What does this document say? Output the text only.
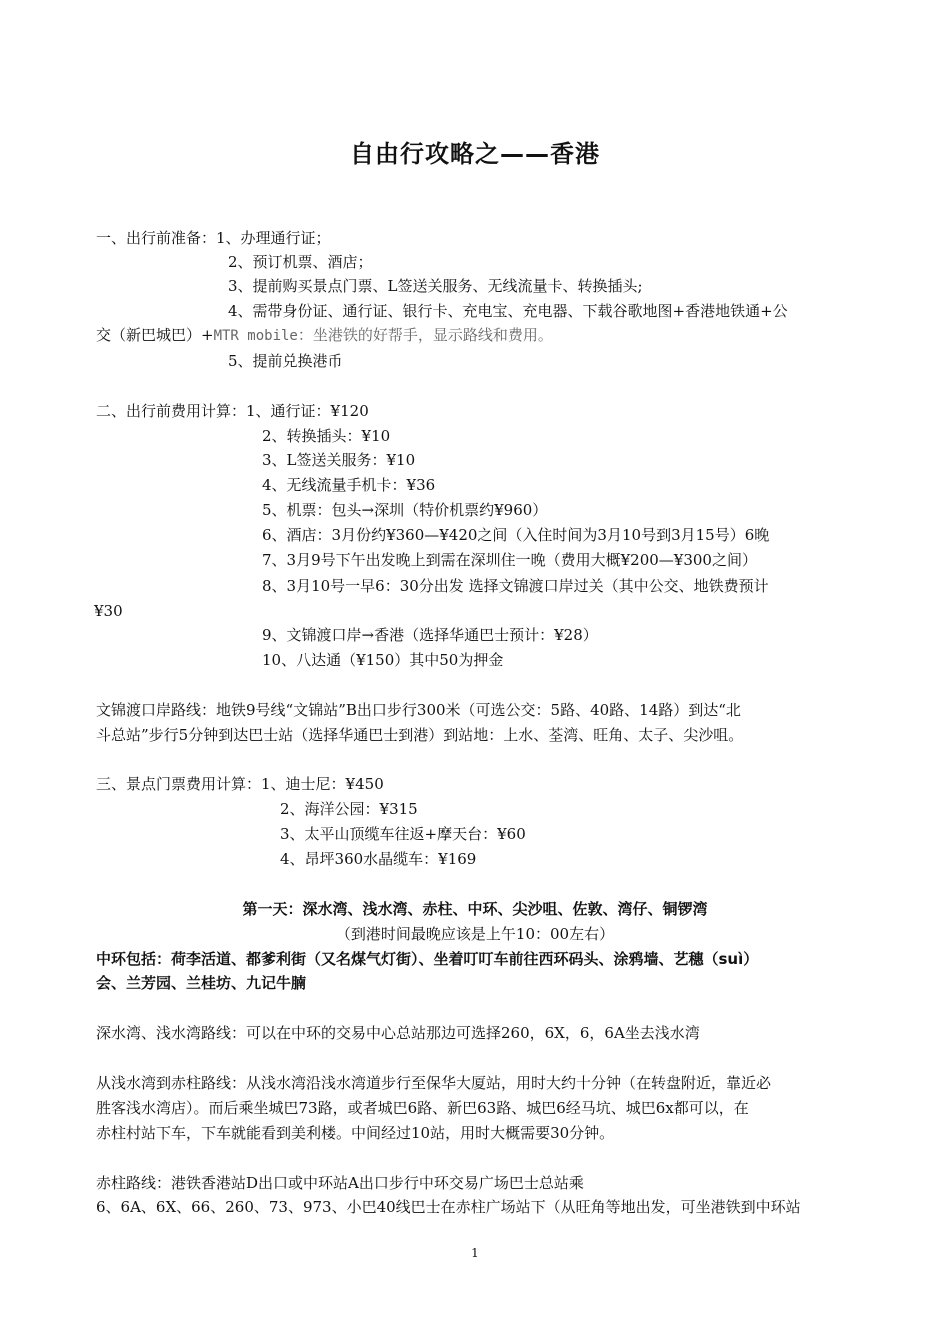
自由行攻略之——香港
一、出行前准备：1、办理通行证；
2、预订机票、酒店；
3、提前购买景点门票、L签送关服务、无线流量卡、转换插头;
4、需带身份证、通行证、银行卡、充电宝、充电器、下载谷歌地图+香港地铁通+公
交（新巴城巴）+MTR mobile：坐港铁的好帮手，显示路线和费用。
5、提前兑换港币
二、出行前费用计算：1、通行证：¥120
2、转换插头：¥10
3、L签送关服务：¥10
4、无线流量手机卡：¥36
5、机票：包头→深圳（特价机票约¥960）
6、酒店：3月份约¥360—¥420之间（入住时间为3月10号到3月15号）6晚
7、3月9号下午出发晚上到需在深圳住一晚（费用大概¥200—¥300之间）
8、3月10号一早6：30分出发 选择文锦渡口岸过关（其中公交、地铁费预计
¥30
9、文锦渡口岸→香港（选择华通巴士预计：¥28）
10、八达通（¥150）其中50为押金
文锦渡口岸路线：地铁9号线“文锦站”B出口步行300米（可选公交：5路、40路、14路）到达“北
斗总站”步行5分钟到达巴士站（选择华通巴士到港）到站地：上水、荃湾、旺角、太子、尖沙咀。
三、景点门票费用计算：1、迪士尼：¥450
2、海洋公园：¥315
3、太平山顶缆车往返+摩天台：¥60
4、昂坪360水晶缆车：¥169
第一天：深水湾、浅水湾、赤柱、中环、尖沙咀、佐敦、湾仔、铜锣湾
（到港时间最晚应该是上午10：00左右）
中环包括：荷李活道、都爹利街（又名煤气灯街）、坐着叮叮车前往西环码头、涂鸦墙、艺穗（suì）
会、兰芳园、兰桂坊、九记牛腩
深水湾、浅水湾路线：可以在中环的交易中心总站那边可选择260，6X，6，6A坐去浅水湾
从浅水湾到赤柱路线：从浅水湾沿浅水湾道步行至保华大厦站，用时大约十分钟（在转盘附近，靠近必
胜客浅水湾店）。而后乘坐城巴73路，或者城巴6路、新巴63路、城巴6经马坑、城巴6x都可以，在
赤柱村站下车，下车就能看到美利楼。中间经过10站，用时大概需要30分钟。
赤柱路线：港铁香港站D出口或中环站A出口步行中环交易广场巴士总站乘
6、6A、6X、66、260、73、973、小巴40线巴士在赤柱广场站下（从旺角等地出发，可坐港铁到中环站
1
